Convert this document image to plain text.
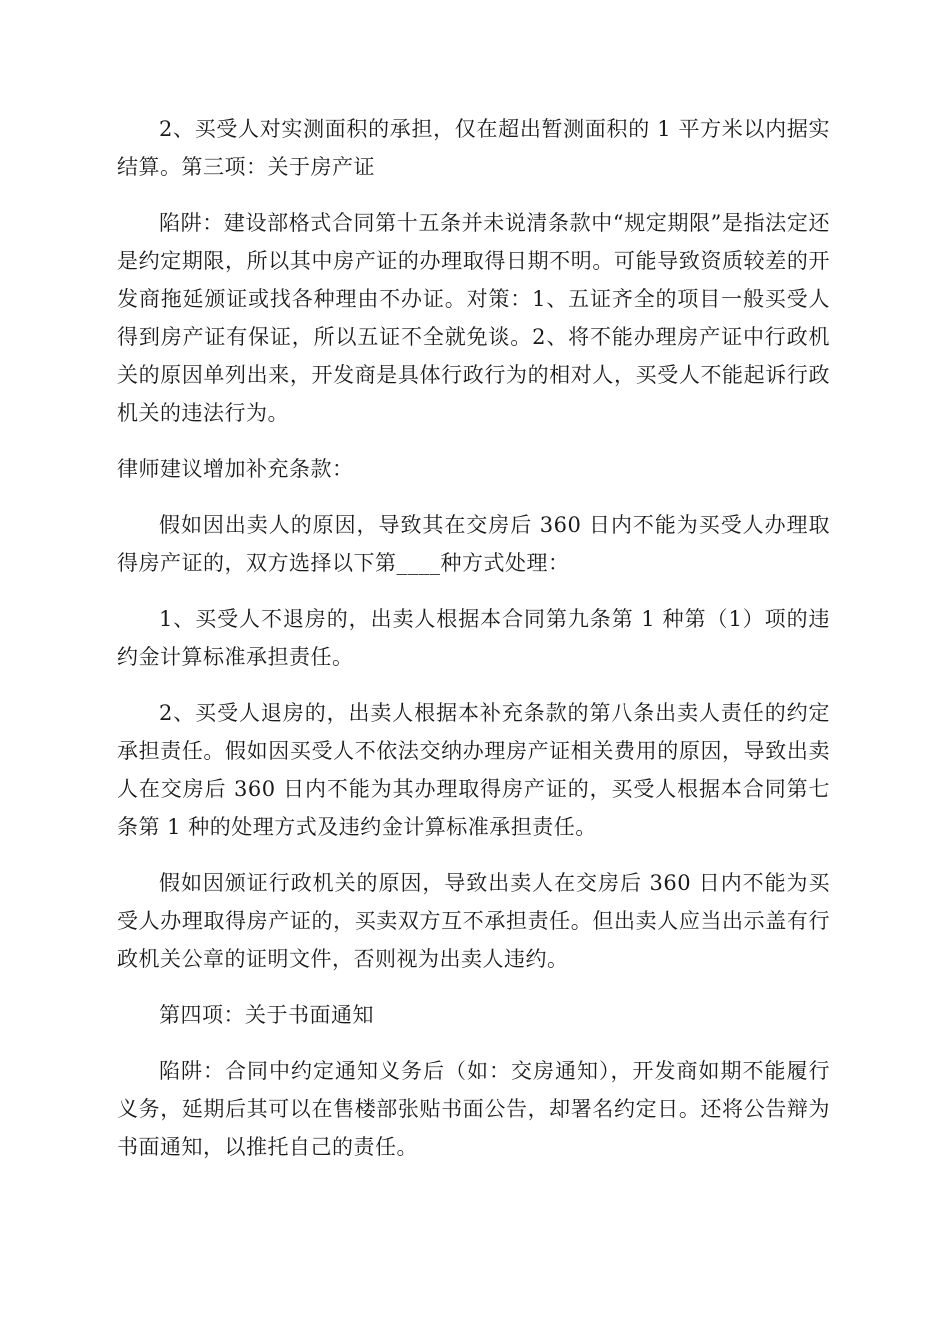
2、买受人对实测面积的承担，仅在超出暂测面积的 1 平方米以内据实结算。第三项：关于房产证

陷阱：建设部格式合同第十五条并未说清条款中“规定期限”是指法定还是约定期限，所以其中房产证的办理取得日期不明。可能导致资质较差的开发商拖延颁证或找各种理由不办证。对策：1、五证齐全的项目一般买受人得到房产证有保证，所以五证不全就免谈。2、将不能办理房产证中行政机关的原因单列出来，开发商是具体行政行为的相对人，买受人不能起诉行政机关的违法行为。

律师建议增加补充条款：

假如因出卖人的原因，导致其在交房后 360 日内不能为买受人办理取得房产证的，双方选择以下第____种方式处理：

1、买受人不退房的，出卖人根据本合同第九条第 1 种第（1）项的违约金计算标准承担责任。

2、买受人退房的，出卖人根据本补充条款的第八条出卖人责任的约定承担责任。假如因买受人不依法交纳办理房产证相关费用的原因，导致出卖人在交房后 360 日内不能为其办理取得房产证的，买受人根据本合同第七条第 1 种的处理方式及违约金计算标准承担责任。

假如因颁证行政机关的原因，导致出卖人在交房后 360 日内不能为买受人办理取得房产证的，买卖双方互不承担责任。但出卖人应当出示盖有行政机关公章的证明文件，否则视为出卖人违约。

第四项：关于书面通知

陷阱：合同中约定通知义务后（如：交房通知），开发商如期不能履行义务，延期后其可以在售楼部张贴书面公告，却署名约定日。还将公告辩为书面通知，以推托自己的责任。
